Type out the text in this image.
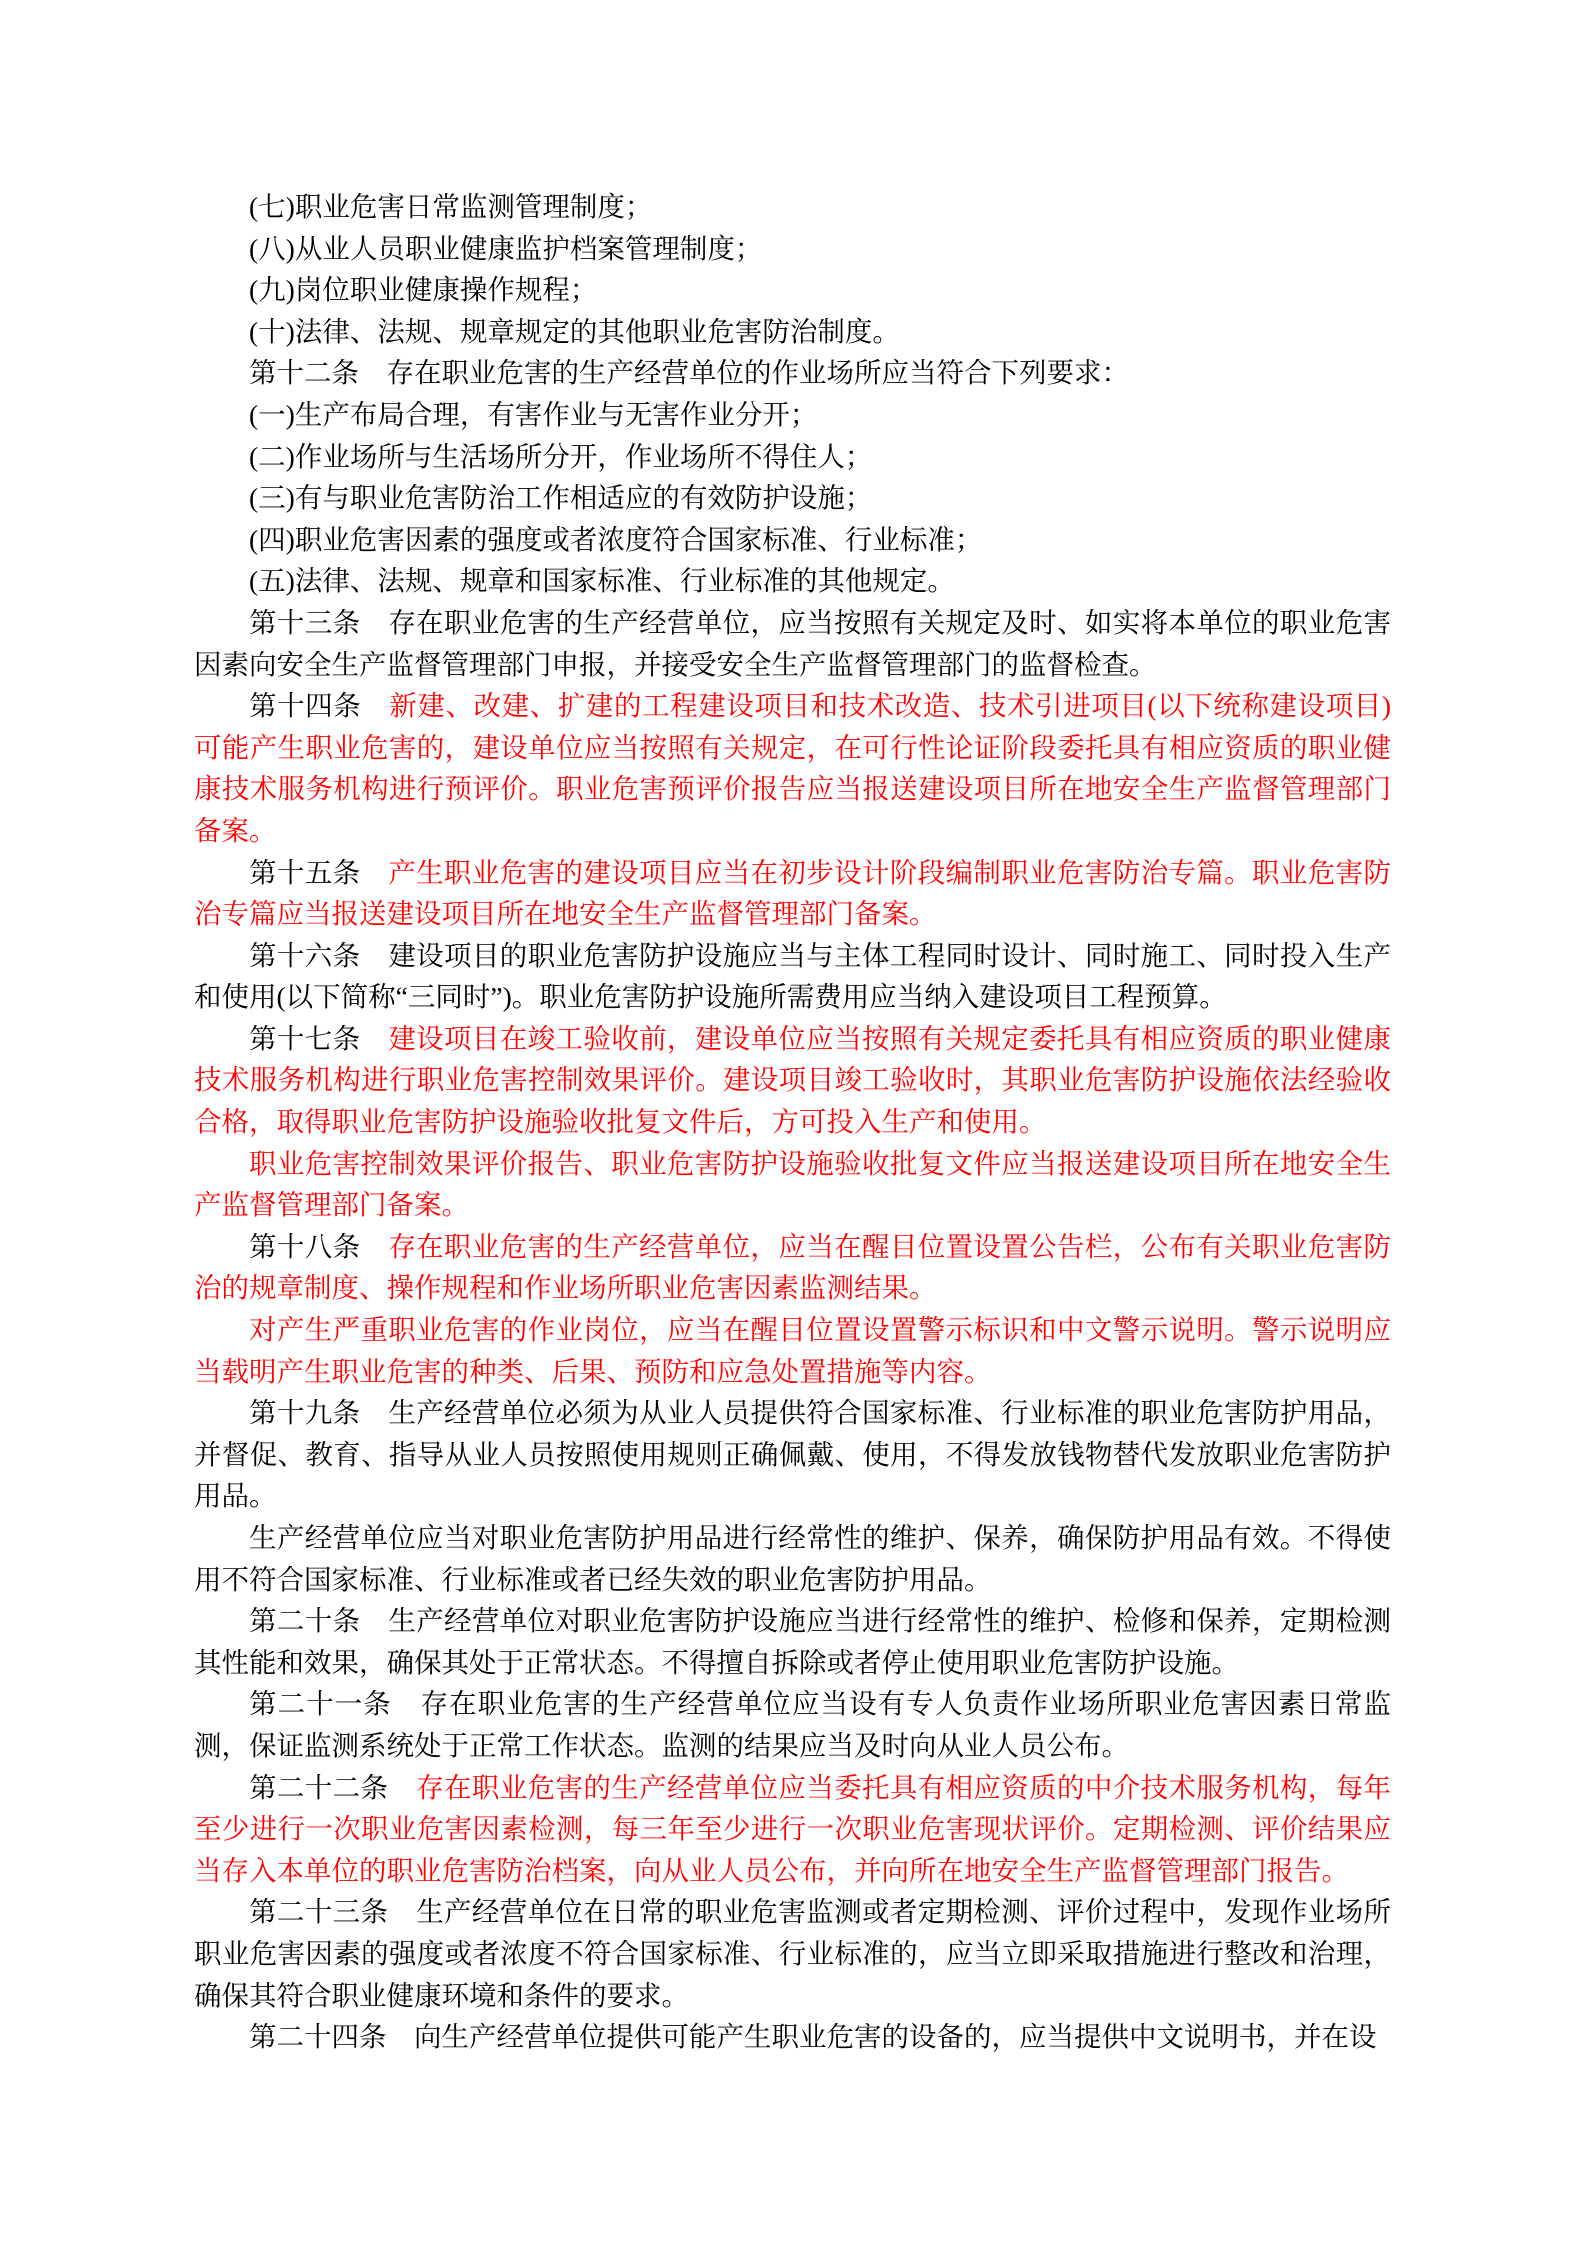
(七)职业危害日常监测管理制度；

(八)从业人员职业健康监护档案管理制度；

(九)岗位职业健康操作规程；

(十)法律、法规、规章规定的其他职业危害防治制度。

第十二条　存在职业危害的生产经营单位的作业场所应当符合下列要求：

(一)生产布局合理，有害作业与无害作业分开；

(二)作业场所与生活场所分开，作业场所不得住人；

(三)有与职业危害防治工作相适应的有效防护设施；

(四)职业危害因素的强度或者浓度符合国家标准、行业标准；

(五)法律、法规、规章和国家标准、行业标准的其他规定。

第十三条　存在职业危害的生产经营单位，应当按照有关规定及时、如实将本单位的职业危害因素向安全生产监督管理部门申报，并接受安全生产监督管理部门的监督检查。

第十四条　新建、改建、扩建的工程建设项目和技术改造、技术引进项目(以下统称建设项目)可能产生职业危害的，建设单位应当按照有关规定，在可行性论证阶段委托具有相应资质的职业健康技术服务机构进行预评价。职业危害预评价报告应当报送建设项目所在地安全生产监督管理部门备案。

第十五条　产生职业危害的建设项目应当在初步设计阶段编制职业危害防治专篇。职业危害防治专篇应当报送建设项目所在地安全生产监督管理部门备案。

第十六条　建设项目的职业危害防护设施应当与主体工程同时设计、同时施工、同时投入生产和使用(以下简称“三同时”)。职业危害防护设施所需费用应当纳入建设项目工程预算。

第十七条　建设项目在竣工验收前，建设单位应当按照有关规定委托具有相应资质的职业健康技术服务机构进行职业危害控制效果评价。建设项目竣工验收时，其职业危害防护设施依法经验收合格，取得职业危害防护设施验收批复文件后，方可投入生产和使用。

职业危害控制效果评价报告、职业危害防护设施验收批复文件应当报送建设项目所在地安全生产监督管理部门备案。

第十八条　存在职业危害的生产经营单位，应当在醒目位置设置公告栏，公布有关职业危害防治的规章制度、操作规程和作业场所职业危害因素监测结果。

对产生严重职业危害的作业岗位，应当在醒目位置设置警示标识和中文警示说明。警示说明应当载明产生职业危害的种类、后果、预防和应急处置措施等内容。

第十九条　生产经营单位必须为从业人员提供符合国家标准、行业标准的职业危害防护用品，并督促、教育、指导从业人员按照使用规则正确佩戴、使用，不得发放钱物替代发放职业危害防护用品。

生产经营单位应当对职业危害防护用品进行经常性的维护、保养，确保防护用品有效。不得使用不符合国家标准、行业标准或者已经失效的职业危害防护用品。

第二十条　生产经营单位对职业危害防护设施应当进行经常性的维护、检修和保养，定期检测其性能和效果，确保其处于正常状态。不得擅自拆除或者停止使用职业危害防护设施。

第二十一条　存在职业危害的生产经营单位应当设有专人负责作业场所职业危害因素日常监测，保证监测系统处于正常工作状态。监测的结果应当及时向从业人员公布。

第二十二条　存在职业危害的生产经营单位应当委托具有相应资质的中介技术服务机构，每年至少进行一次职业危害因素检测，每三年至少进行一次职业危害现状评价。定期检测、评价结果应当存入本单位的职业危害防治档案，向从业人员公布，并向所在地安全生产监督管理部门报告。

第二十三条　生产经营单位在日常的职业危害监测或者定期检测、评价过程中，发现作业场所职业危害因素的强度或者浓度不符合国家标准、行业标准的，应当立即采取措施进行整改和治理，确保其符合职业健康环境和条件的要求。

第二十四条　向生产经营单位提供可能产生职业危害的设备的，应当提供中文说明书，并在设
